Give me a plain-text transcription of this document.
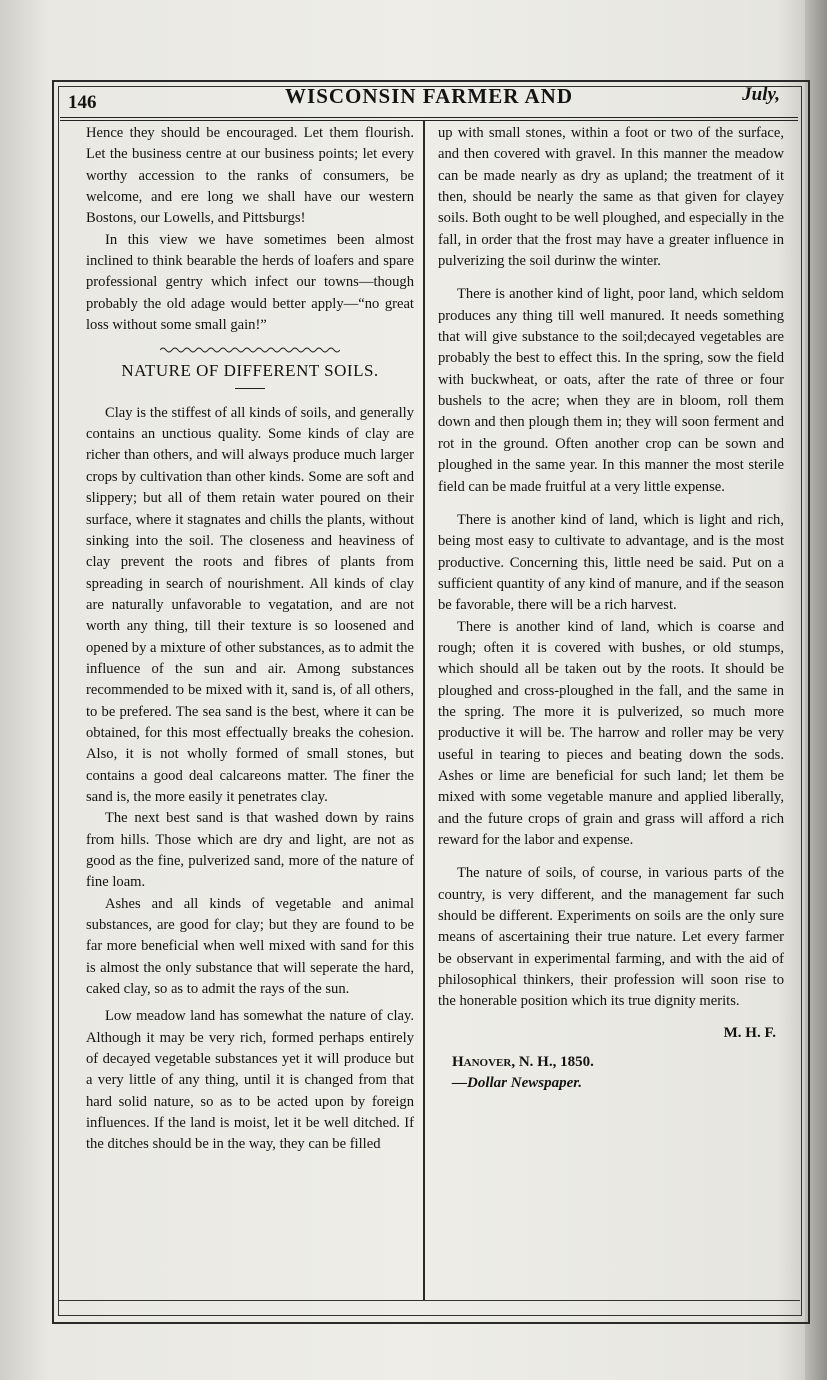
146	WISCONSIN FARMER AND	July,

Hence they should be encouraged. Let them flourish. Let the business centre at our business points; let every worthy accession to the ranks of consumers, be welcome, and ere long we shall have our western Bostons, our Lowells, and Pittsburgs!

In this view we have sometimes been almost inclined to think bearable the herds of loafers and spare professional gentry which infect our towns—though probably the old adage would better apply—“no great loss without some small gain!”

NATURE OF DIFFERENT SOILS.

Clay is the stiffest of all kinds of soils, and generally contains an unctious quality. Some kinds of clay are richer than others, and will always produce much larger crops by cultivation than other kinds. Some are soft and slippery; but all of them retain water poured on their surface, where it stagnates and chills the plants, without sinking into the soil. The closeness and heaviness of clay prevent the roots and fibres of plants from spreading in search of nourishment. All kinds of clay are naturally unfavorable to vegatation, and are not worth any thing, till their texture is so loosened and opened by a mixture of other substances, as to admit the influence of the sun and air. Among substances recommended to be mixed with it, sand is, of all others, to be prefered. The sea sand is the best, where it can be obtained, for this most effectually breaks the cohesion. Also, it is not wholly formed of small stones, but contains a good deal calcareons matter. The finer the sand is, the more easily it penetrates clay.

The next best sand is that washed down by rains from hills. Those which are dry and light, are not as good as the fine, pulverized sand, more of the nature of fine loam.

Ashes and all kinds of vegetable and animal substances, are good for clay; but they are found to be far more beneficial when well mixed with sand for this is almost the only substance that will seperate the hard, caked clay, so as to admit the rays of the sun.

Low meadow land has somewhat the nature of clay. Although it may be very rich, formed perhaps entirely of decayed vegetable substances yet it will produce but a very little of any thing, until it is changed from that hard solid nature, so as to be acted upon by foreign influences. If the land is moist, let it be well ditched. If the ditches should be in the way, they can be filled

up with small stones, within a foot or two of the surface, and then covered with gravel. In this manner the meadow can be made nearly as dry as upland; the treatment of it then, should be nearly the same as that given for clayey soils. Both ought to be well ploughed, and especially in the fall, in order that the frost may have a greater influence in pulverizing the soil durinw the winter.

There is another kind of light, poor land, which seldom produces any thing till well manured. It needs something that will give substance to the soil;decayed vegetables are probably the best to effect this. In the spring, sow the field with buckwheat, or oats, after the rate of three or four bushels to the acre; when they are in bloom, roll them down and then plough them in; they will soon ferment and rot in the ground. Often another crop can be sown and ploughed in the same year. In this manner the most sterile field can be made fruitful at a very little expense.

There is another kind of land, which is light and rich, being most easy to cultivate to advantage, and is the most productive. Concerning this, little need be said. Put on a sufficient quantity of any kind of manure, and if the season be favorable, there will be a rich harvest.

There is another kind of land, which is coarse and rough; often it is covered with bushes, or old stumps, which should all be taken out by the roots. It should be ploughed and cross-ploughed in the fall, and the same in the spring. The more it is pulverized, so much more productive it will be. The harrow and roller may be very useful in tearing to pieces and beating down the sods. Ashes or lime are beneficial for such land; let them be mixed with some vegetable manure and applied liberally, and the future crops of grain and grass will afford a rich reward for the labor and expense.

The nature of soils, of course, in various parts of the country, is very different, and the management far such should be different. Experiments on soils are the only sure means of ascertaining their true nature. Let every farmer be observant in experimental farming, and with the aid of philosophical thinkers, their profession will soon rise to the honerable position which its true dignity merits.

M. H. F.
Hanover, N. H., 1850.
—Dollar Newspaper.
